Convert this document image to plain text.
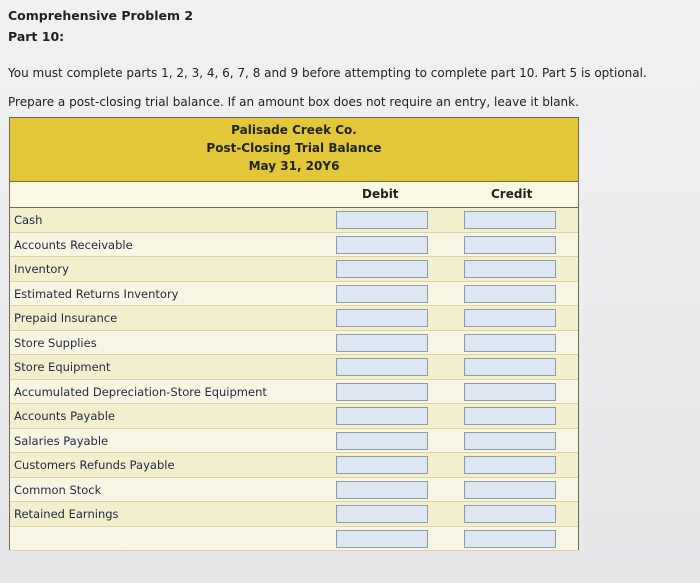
Comprehensive Problem 2
Part 10:
You must complete parts 1, 2, 3, 4, 6, 7, 8 and 9 before attempting to complete part 10. Part 5 is optional.
Prepare a post-closing trial balance. If an amount box does not require an entry, leave it blank.
Palisade Creek Co.
Post-Closing Trial Balance
May 31, 20Y6
Debit	Credit
Cash
Accounts Receivable
Inventory
Estimated Returns Inventory
Prepaid Insurance
Store Supplies
Store Equipment
Accumulated Depreciation-Store Equipment
Accounts Payable
Salaries Payable
Customers Refunds Payable
Common Stock
Retained Earnings
